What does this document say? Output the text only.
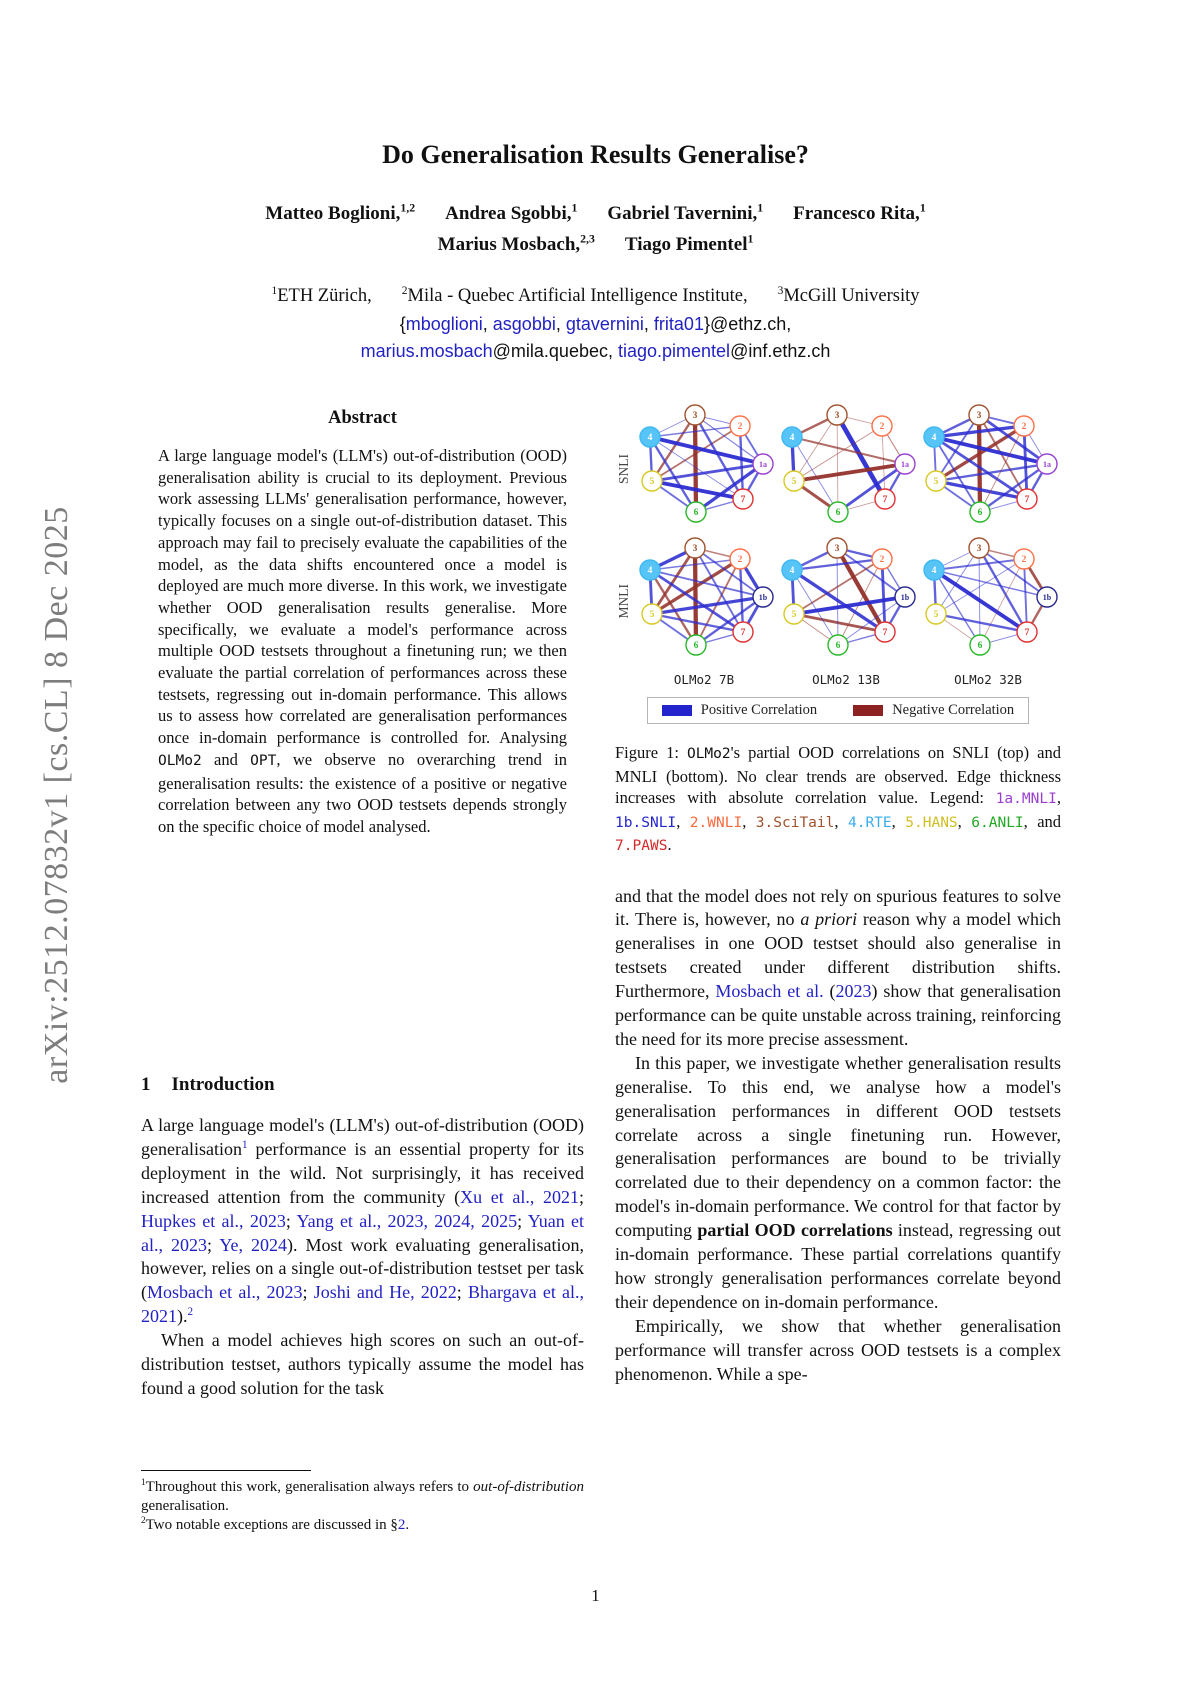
arXiv:2512.07832v1 [cs.CL] 8 Dec 2025
Do Generalisation Results Generalise?
Matteo Boglioni,$^{1,2}$ Andrea Sgobbi,$^1$ Gabriel Tavernini,$^1$ Francesco Rita,$^1$
Marius Mosbach,$^{2,3}$ Tiago Pimentel$^1$
$^1$ETH Zürich,	$^2$Mila - Quebec Artificial Intelligence Institute,	$^3$McGill University
{mboglioni, asgobbi, gtavernini, frita01}@ethz.ch,
marius.mosbach@mila.quebec, tiago.pimentel@inf.ethz.ch
Abstract

A large language model's (LLM's) out-of-distribution (OOD) generalisation ability is crucial to its deployment. Previous work assessing LLMs' generalisation performance, however, typically focuses on a single out-of-distribution dataset. This approach may fail to precisely evaluate the capabilities of the model, as the data shifts encountered once a model is deployed are much more diverse. In this work, we investigate whether OOD generalisation results generalise. More specifically, we evaluate a model's performance across multiple OOD testsets throughout a finetuning run; we then evaluate the partial correlation of performances across these testsets, regressing out in-domain performance. This allows us to assess how correlated are generalisation performances once in-domain performance is controlled for. Analysing OLMo2 and OPT, we observe no overarching trend in generalisation results: the existence of a positive or negative correlation between any two OOD testsets depends strongly on the specific choice of model analysed.

1 Introduction

A large language model's (LLM's) out-of-distribution (OOD) generalisation$^1$ performance is an essential property for its deployment in the wild. Not surprisingly, it has received increased attention from the community (Xu et al., 2021; Hupkes et al., 2023; Yang et al., 2023, 2024, 2025; Yuan et al., 2023; Ye, 2024). Most work evaluating generalisation, however, relies on a single out-of-distribution testset per task (Mosbach et al., 2023; Joshi and He, 2022; Bhargava et al., 2021).$^2$

When a model achieves high scores on such an out-of-distribution testset, authors typically assume the model has found a good solution for the task

$^1$Throughout this work, generalisation always refers to out-of-distribution generalisation.

$^2$Two notable exceptions are discussed in §2.

SNLI	1a
2
3
4
5
6
7
1a
2
3
4
5
6
7
1a
2
3
4
5
6
7
MNLI	1b
2
3
4
5
6
7
1b
2
3
4
5
6
7
1b
2
3
4
5
6
7
OLMo2 7B	OLMo2 13B	OLMo2 32B
Positive Correlation	Negative Correlation
Figure 1: OLMo2's partial OOD correlations on SNLI (top) and MNLI (bottom). No clear trends are observed. Edge thickness increases with absolute correlation value. Legend: 1a.MNLI, 1b.SNLI, 2.WNLI, 3.SciTail, 4.RTE, 5.HANS, 6.ANLI, and 7.PAWS.

and that the model does not rely on spurious features to solve it. There is, however, no a priori reason why a model which generalises in one OOD testset should also generalise in testsets created under different distribution shifts. Furthermore, Mosbach et al. (2023) show that generalisation performance can be quite unstable across training, reinforcing the need for its more precise assessment.

In this paper, we investigate whether generalisation results generalise. To this end, we analyse how a model's generalisation performances in different OOD testsets correlate across a single finetuning run. However, generalisation performances are bound to be trivially correlated due to their dependency on a common factor: the model's in-domain performance. We control for that factor by computing partial OOD correlations instead, regressing out in-domain performance. These partial correlations quantify how strongly generalisation performances correlate beyond their dependence on in-domain performance.

Empirically, we show that whether generalisation performance will transfer across OOD testsets is a complex phenomenon. While a spe-

1
